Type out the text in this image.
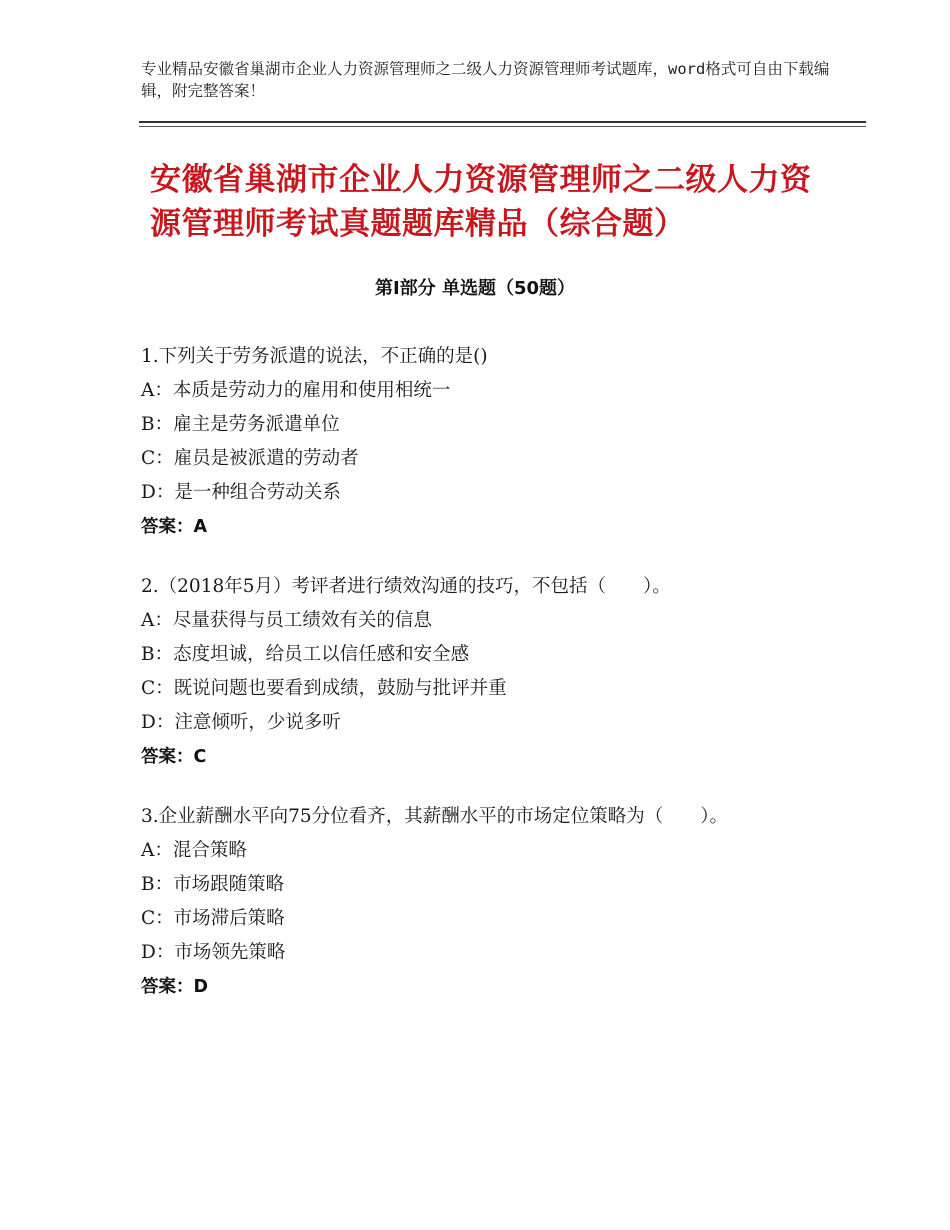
专业精品安徽省巢湖市企业人力资源管理师之二级人力资源管理师考试题库，word格式可自由下载编辑，附完整答案！
安徽省巢湖市企业人力资源管理师之二级人力资源管理师考试真题题库精品（综合题）
第Ⅰ部分 单选题（50题）
1.下列关于劳务派遣的说法，不正确的是()
A：本质是劳动力的雇用和使用相统一
B：雇主是劳务派遣单位
C：雇员是被派遣的劳动者
D：是一种组合劳动关系
答案：A
2.（2018年5月）考评者进行绩效沟通的技巧，不包括（　　）。
A：尽量获得与员工绩效有关的信息
B：态度坦诚，给员工以信任感和安全感
C：既说问题也要看到成绩，鼓励与批评并重
D：注意倾听，少说多听
答案：C
3.企业薪酬水平向75分位看齐，其薪酬水平的市场定位策略为（　　）。
A：混合策略
B：市场跟随策略
C：市场滞后策略
D：市场领先策略
答案：D
